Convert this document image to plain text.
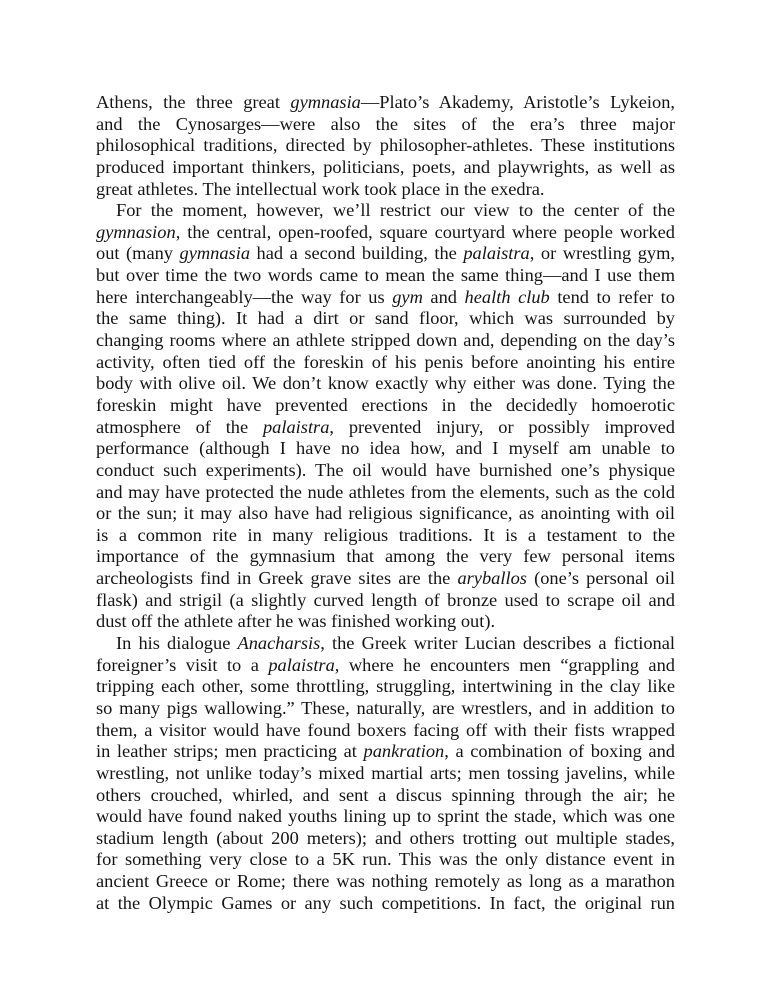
Athens, the three great gymnasia—Plato’s Akademy, Aristotle’s Lykeion,
and the Cynosarges—were also the sites of the era’s three major
philosophical traditions, directed by philosopher-athletes. These institutions
produced important thinkers, politicians, poets, and playwrights, as well as
great athletes. The intellectual work took place in the exedra.
For the moment, however, we’ll restrict our view to the center of the
gymnasion, the central, open-roofed, square courtyard where people worked
out (many gymnasia had a second building, the palaistra, or wrestling gym,
but over time the two words came to mean the same thing—and I use them
here interchangeably—the way for us gym and health club tend to refer to
the same thing). It had a dirt or sand floor, which was surrounded by
changing rooms where an athlete stripped down and, depending on the day’s
activity, often tied off the foreskin of his penis before anointing his entire
body with olive oil. We don’t know exactly why either was done. Tying the
foreskin might have prevented erections in the decidedly homoerotic
atmosphere of the palaistra, prevented injury, or possibly improved
performance (although I have no idea how, and I myself am unable to
conduct such experiments). The oil would have burnished one’s physique
and may have protected the nude athletes from the elements, such as the cold
or the sun; it may also have had religious significance, as anointing with oil
is a common rite in many religious traditions. It is a testament to the
importance of the gymnasium that among the very few personal items
archeologists find in Greek grave sites are the aryballos (one’s personal oil
flask) and strigil (a slightly curved length of bronze used to scrape oil and
dust off the athlete after he was finished working out).
In his dialogue Anacharsis, the Greek writer Lucian describes a fictional
foreigner’s visit to a palaistra, where he encounters men “grappling and
tripping each other, some throttling, struggling, intertwining in the clay like
so many pigs wallowing.” These, naturally, are wrestlers, and in addition to
them, a visitor would have found boxers facing off with their fists wrapped
in leather strips; men practicing at pankration, a combination of boxing and
wrestling, not unlike today’s mixed martial arts; men tossing javelins, while
others crouched, whirled, and sent a discus spinning through the air; he
would have found naked youths lining up to sprint the stade, which was one
stadium length (about 200 meters); and others trotting out multiple stades,
for something very close to a 5K run. This was the only distance event in
ancient Greece or Rome; there was nothing remotely as long as a marathon
at the Olympic Games or any such competitions. In fact, the original run
